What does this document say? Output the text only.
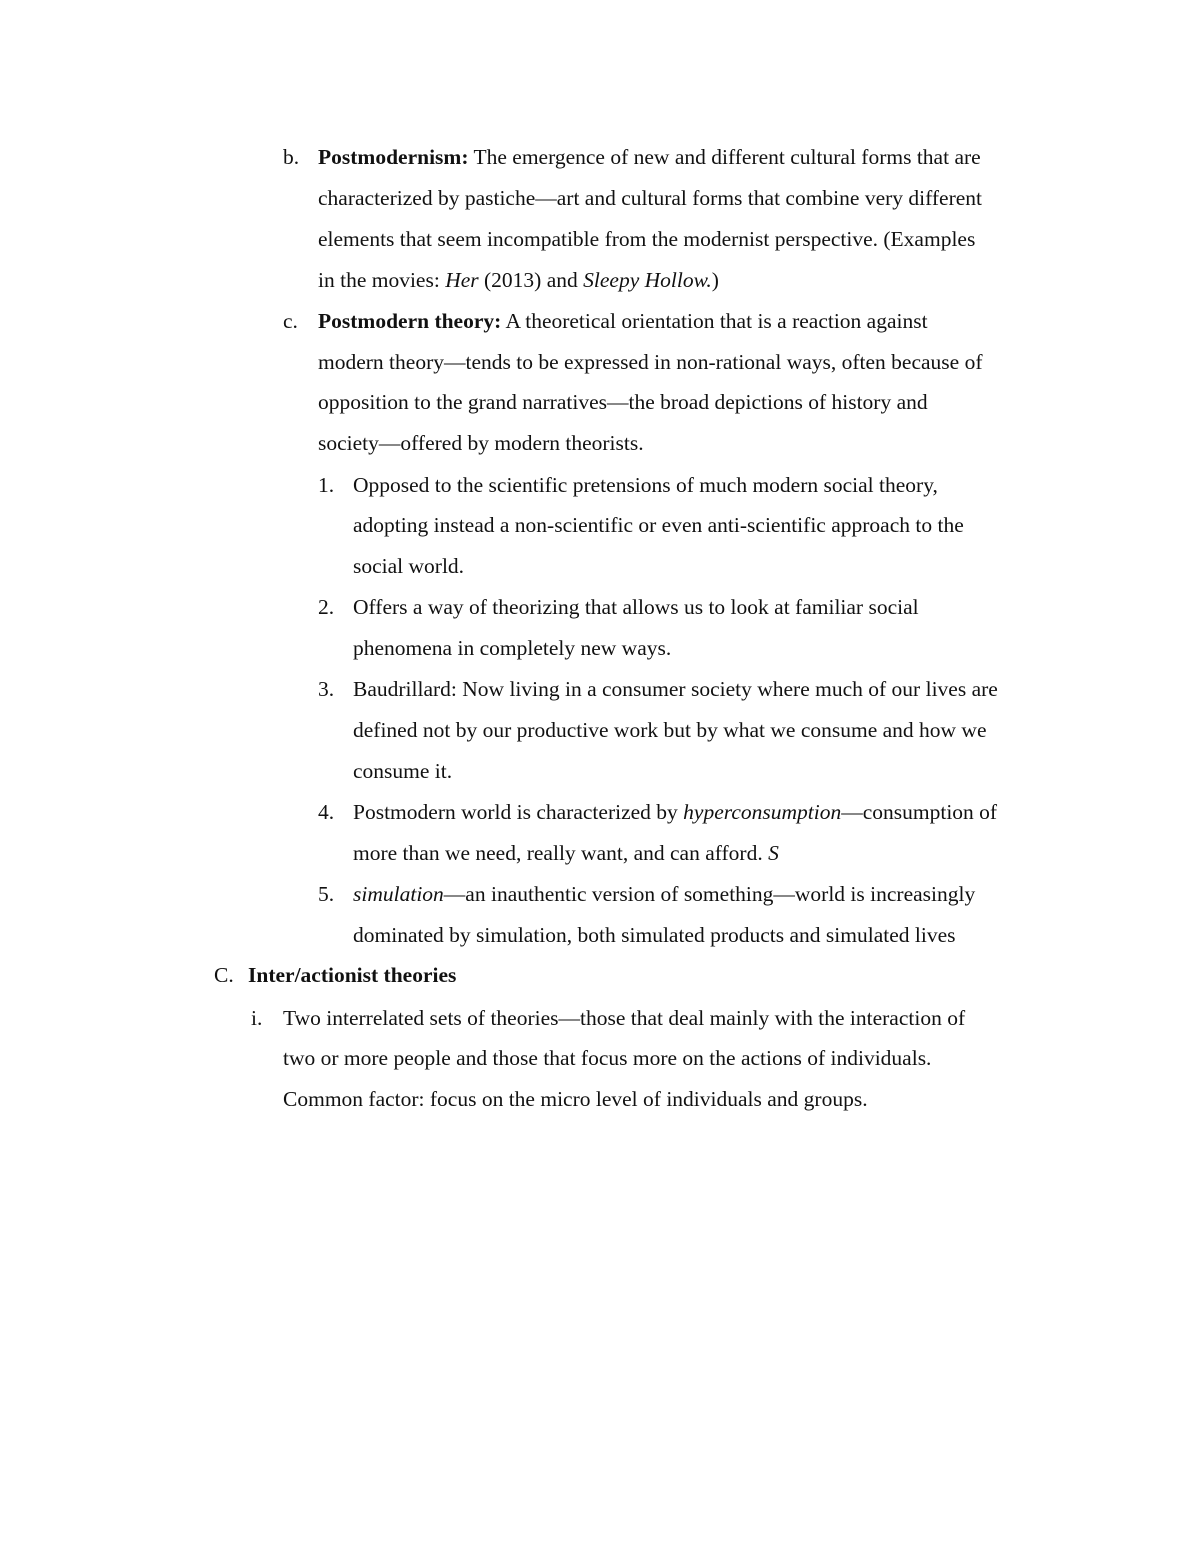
b. Postmodernism: The emergence of new and different cultural forms that are
characterized by pastiche—art and cultural forms that combine very different
elements that seem incompatible from the modernist perspective. (Examples
in the movies: Her (2013) and Sleepy Hollow.)
c. Postmodern theory: A theoretical orientation that is a reaction against
modern theory—tends to be expressed in non-rational ways, often because of
opposition to the grand narratives—the broad depictions of history and
society—offered by modern theorists.
1. Opposed to the scientific pretensions of much modern social theory,
adopting instead a non-scientific or even anti-scientific approach to the
social world.
2. Offers a way of theorizing that allows us to look at familiar social
phenomena in completely new ways.
3. Baudrillard: Now living in a consumer society where much of our lives are
defined not by our productive work but by what we consume and how we
consume it.
4. Postmodern world is characterized by hyperconsumption—consumption of
more than we need, really want, and can afford. S
5. simulation—an inauthentic version of something—world is increasingly
dominated by simulation, both simulated products and simulated lives
C. Inter/actionist theories
i. Two interrelated sets of theories—those that deal mainly with the interaction of
two or more people and those that focus more on the actions of individuals.
Common factor: focus on the micro level of individuals and groups.
